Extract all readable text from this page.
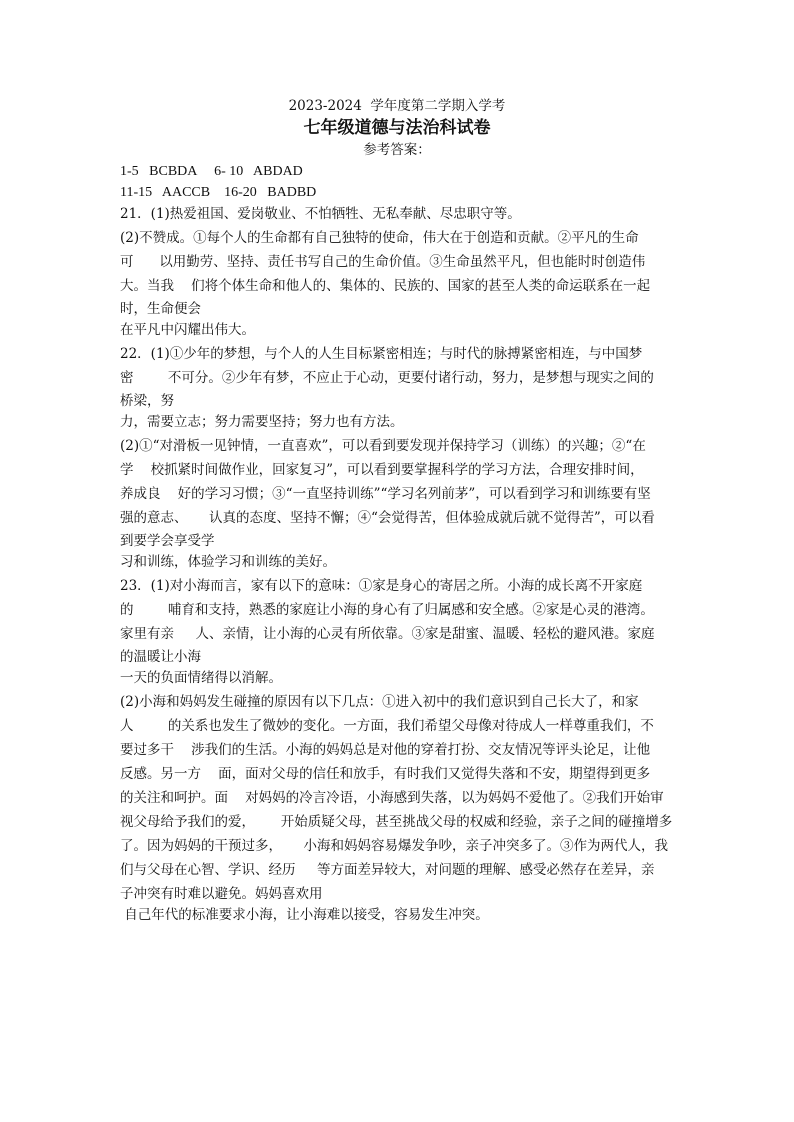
2023-2024  学年度第二学期入学考
七年级道德与法治科试卷
参考答案：
1-5   BCBDA     6- 10   ABDAD
11-15   AACCB    16-20   BADBD
21．(1)热爱祖国、爱岗敬业、不怕牺牲、无私奉献、尽忠职守等。
(2)不赞成。①每个人的生命都有自己独特的使命，伟大在于创造和贡献。②平凡的生命
可      以用勤劳、坚持、责任书写自己的生命价值。③生命虽然平凡，但也能时时创造伟
大。当我    们将个体生命和他人的、集体的、民族的、国家的甚至人类的命运联系在一起
时，生命便会
在平凡中闪耀出伟大。
22．(1)①少年的梦想，与个人的人生目标紧密相连；与时代的脉搏紧密相连，与中国梦
密        不可分。②少年有梦，不应止于心动，更要付诸行动，努力，是梦想与现实之间的
桥梁，努
力，需要立志；努力需要坚持；努力也有方法。
(2)①“对滑板一见钟情，一直喜欢”，可以看到要发现并保持学习（训练）的兴趣；②“在
学    校抓紧时间做作业，回家复习”，可以看到要掌握科学的学习方法，合理安排时间，
养成良    好的学习习惯；③“一直坚持训练”“学习名列前茅”，可以看到学习和训练要有坚
强的意志、     认真的态度、坚持不懈；④“会觉得苦，但体验成就后就不觉得苦”，可以看
到要学会享受学
习和训练，体验学习和训练的美好。
23．(1)对小海而言，家有以下的意味：①家是身心的寄居之所。小海的成长离不开家庭
的        哺育和支持，熟悉的家庭让小海的身心有了归属感和安全感。②家是心灵的港湾。
家里有亲     人、亲情，让小海的心灵有所依靠。③家是甜蜜、温暖、轻松的避风港。家庭
的温暖让小海
一天的负面情绪得以消解。
(2)小海和妈妈发生碰撞的原因有以下几点：①进入初中的我们意识到自己长大了，和家
人        的关系也发生了微妙的变化。一方面，我们希望父母像对待成人一样尊重我们，不
要过多干    涉我们的生活。小海的妈妈总是对他的穿着打扮、交友情况等评头论足，让他
反感。另一方    面，面对父母的信任和放手，有时我们又觉得失落和不安，期望得到更多
的关注和呵护。面    对妈妈的冷言冷语，小海感到失落，以为妈妈不爱他了。②我们开始审
视父母给予我们的爱，      开始质疑父母，甚至挑战父母的权威和经验，亲子之间的碰撞增多
了。因为妈妈的干预过多，     小海和妈妈容易爆发争吵，亲子冲突多了。③作为两代人，我
们与父母在心智、学识、经历     等方面差异较大，对问题的理解、感受必然存在差异，亲
子冲突有时难以避免。妈妈喜欢用
自己年代的标准要求小海，让小海难以接受，容易发生冲突。
